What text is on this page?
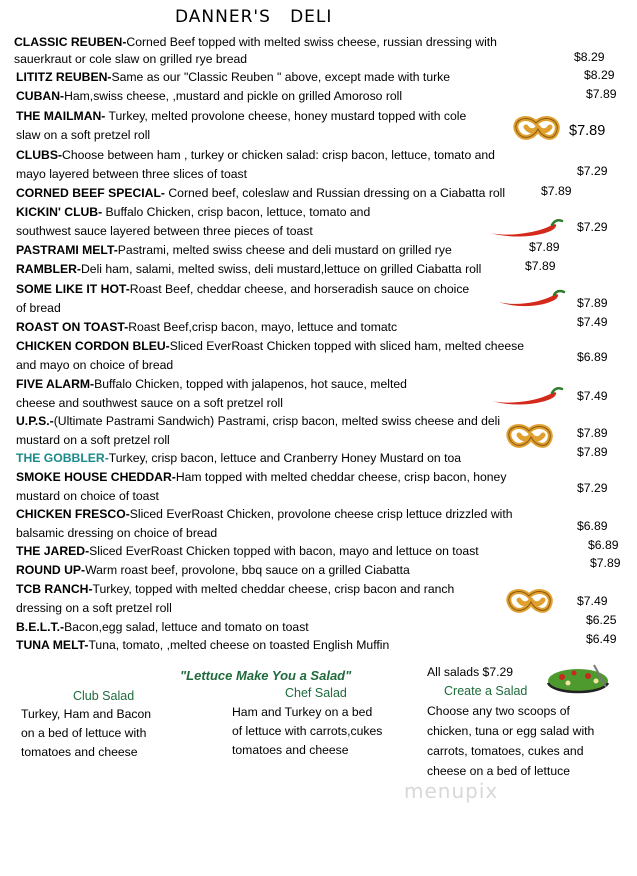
DANNER'S   DELI
CLASSIC REUBEN-Corned Beef topped with melted swiss cheese, russian dressing with
sauerkraut or cole slaw on grilled rye bread	$8.29
LITITZ REUBEN-Same as our "Classic Reuben " above, except made with turke	$8.29
CUBAN-Ham,swiss cheese, ,mustard and pickle on grilled Amoroso roll	$7.89
THE MAILMAN- Turkey, melted provolone cheese, honey mustard topped with cole
slaw on a soft pretzel roll	$7.89
CLUBS-Choose between ham , turkey or chicken salad: crisp bacon, lettuce, tomato and
mayo layered between three slices of toast	$7.29
CORNED BEEF SPECIAL- Corned beef, coleslaw and Russian dressing on a Ciabatta roll	$7.89
KICKIN' CLUB- Buffalo Chicken, crisp bacon, lettuce, tomato and
southwest sauce layered between three pieces of toast	$7.29
PASTRAMI MELT-Pastrami, melted swiss cheese and deli mustard on grilled rye	$7.89
RAMBLER-Deli ham, salami, melted swiss, deli mustard,lettuce on grilled Ciabatta roll	$7.89
SOME LIKE IT HOT-Roast Beef, cheddar cheese, and horseradish sauce on choice
of bread	$7.89
ROAST ON TOAST-Roast Beef,crisp bacon, mayo, lettuce and tomatc	$7.49
CHICKEN CORDON BLEU-Sliced EverRoast Chicken topped with sliced ham, melted cheese
and mayo on choice of bread
$6.89
FIVE ALARM-Buffalo Chicken, topped with jalapenos, hot sauce, melted
cheese and southwest sauce on a soft pretzel roll	$7.49
U.P.S.-(Ultimate Pastrami Sandwich) Pastrami, crisp bacon, melted swiss cheese and deli
mustard on a soft pretzel roll	$7.89
THE GOBBLER-Turkey, crisp bacon, lettuce and Cranberry Honey Mustard on toa	$7.89
SMOKE HOUSE CHEDDAR-Ham topped with melted cheddar cheese, crisp bacon, honey
mustard on choice of toast
$7.29
CHICKEN FRESCO-Sliced EverRoast Chicken, provolone cheese crisp lettuce drizzled with
balsamic dressing on choice of bread	$6.89
THE JARED-Sliced EverRoast Chicken topped with bacon, mayo and lettuce on toast	$6.89
ROUND UP-Warm roast beef, provolone, bbq sauce on a grilled Ciabatta	$7.89
TCB RANCH-Turkey, topped with melted cheddar cheese, crisp bacon and ranch
dressing on a soft pretzel roll	$7.49
B.E.L.T.-Bacon,egg salad, lettuce and tomato on toast	$6.25
TUNA MELT-Tuna, tomato, ,melted cheese on toasted English Muffin	$6.49
"Lettuce Make You a Salad"	All salads $7.29
Club Salad
Turkey, Ham and Bacon
on a bed of lettuce with
tomatoes and cheese
Chef Salad
Ham and Turkey on a bed
of lettuce with carrots,cukes
tomatoes and cheese
Create a Salad
Choose any two scoops of
chicken, tuna or egg salad with
carrots, tomatoes, cukes and
cheese on a bed of lettuce
menupix
